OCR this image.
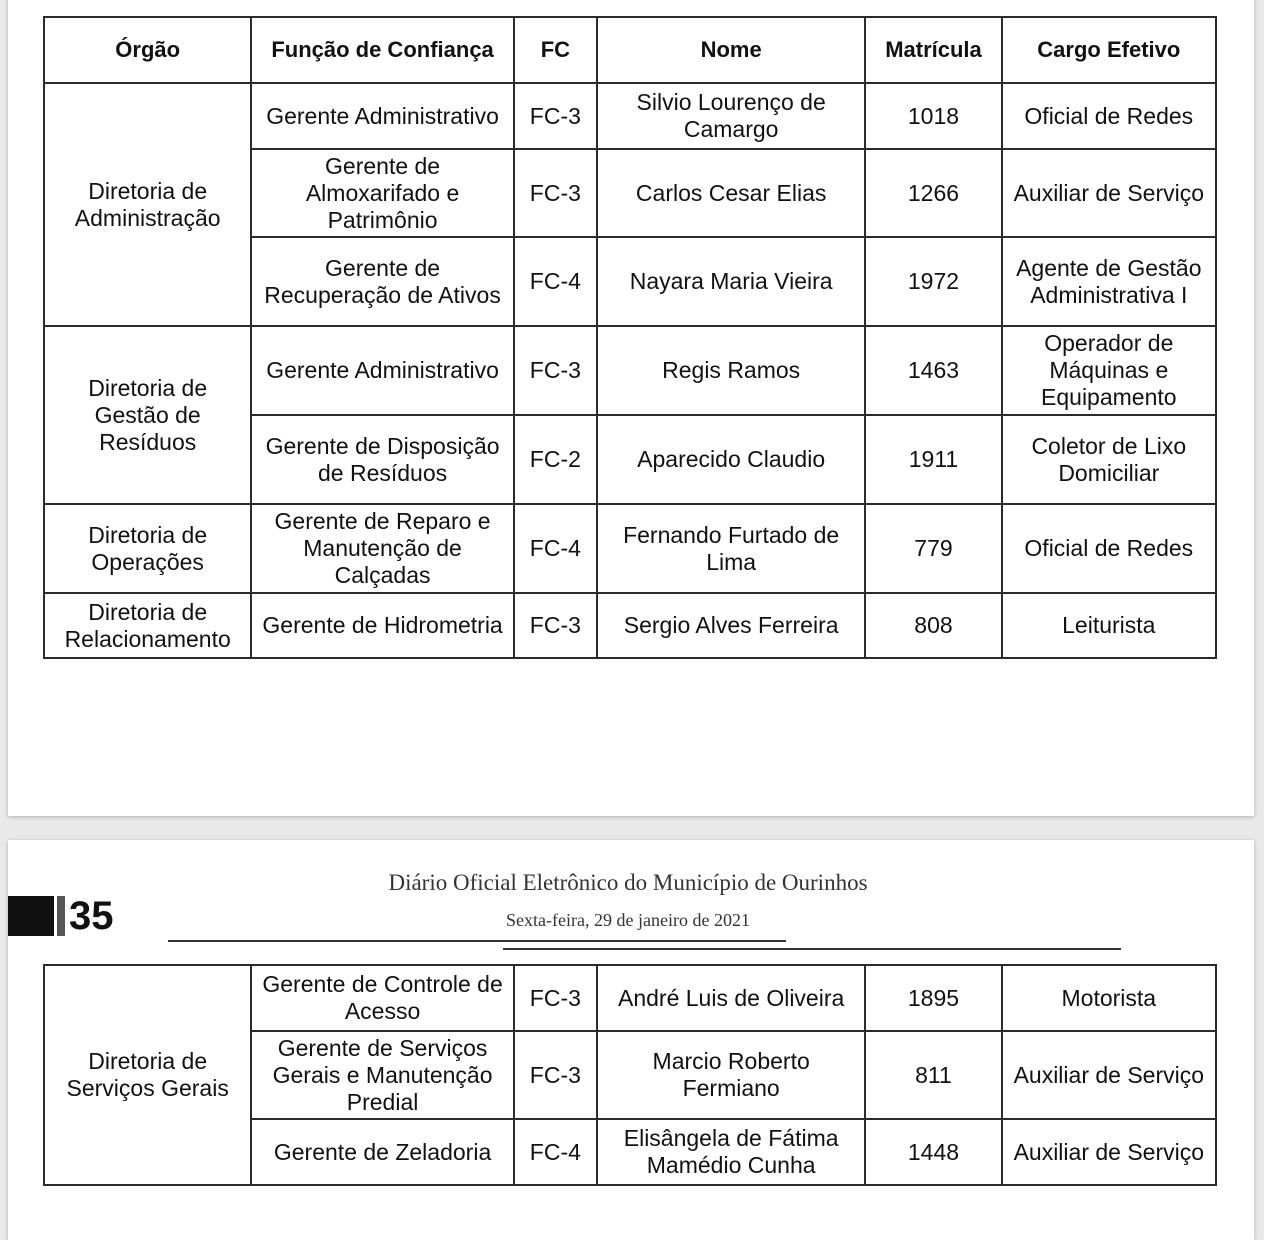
Órgão	Função de Confiança	FC	Nome	Matrícula	Cargo Efetivo
Diretoria de Administração	Gerente Administrativo	FC-3	Silvio Lourenço de Camargo	1018	Oficial de Redes
	Gerente de Almoxarifado e Patrimônio	FC-3	Carlos Cesar Elias	1266	Auxiliar de Serviço
	Gerente de Recuperação de Ativos	FC-4	Nayara Maria Vieira	1972	Agente de Gestão Administrativa I
Diretoria de Gestão de Resíduos	Gerente Administrativo	FC-3	Regis Ramos	1463	Operador de Máquinas e Equipamento
	Gerente de Disposição de Resíduos	FC-2	Aparecido Claudio	1911	Coletor de Lixo Domiciliar
Diretoria de Operações	Gerente de Reparo e Manutenção de Calçadas	FC-4	Fernando Furtado de Lima	779	Oficial de Redes
Diretoria de Relacionamento	Gerente de Hidrometria	FC-3	Sergio Alves Ferreira	808	Leiturista
35
Diário Oficial Eletrônico do Município de Ourinhos
Sexta-feira, 29 de janeiro de 2021
Diretoria de Serviços Gerais	Gerente de Controle de Acesso	FC-3	André Luis de Oliveira	1895	Motorista
	Gerente de Serviços Gerais e Manutenção Predial	FC-3	Marcio Roberto Fermiano	811	Auxiliar de Serviço
	Gerente de Zeladoria	FC-4	Elisângela de Fátima Mamédio Cunha	1448	Auxiliar de Serviço
